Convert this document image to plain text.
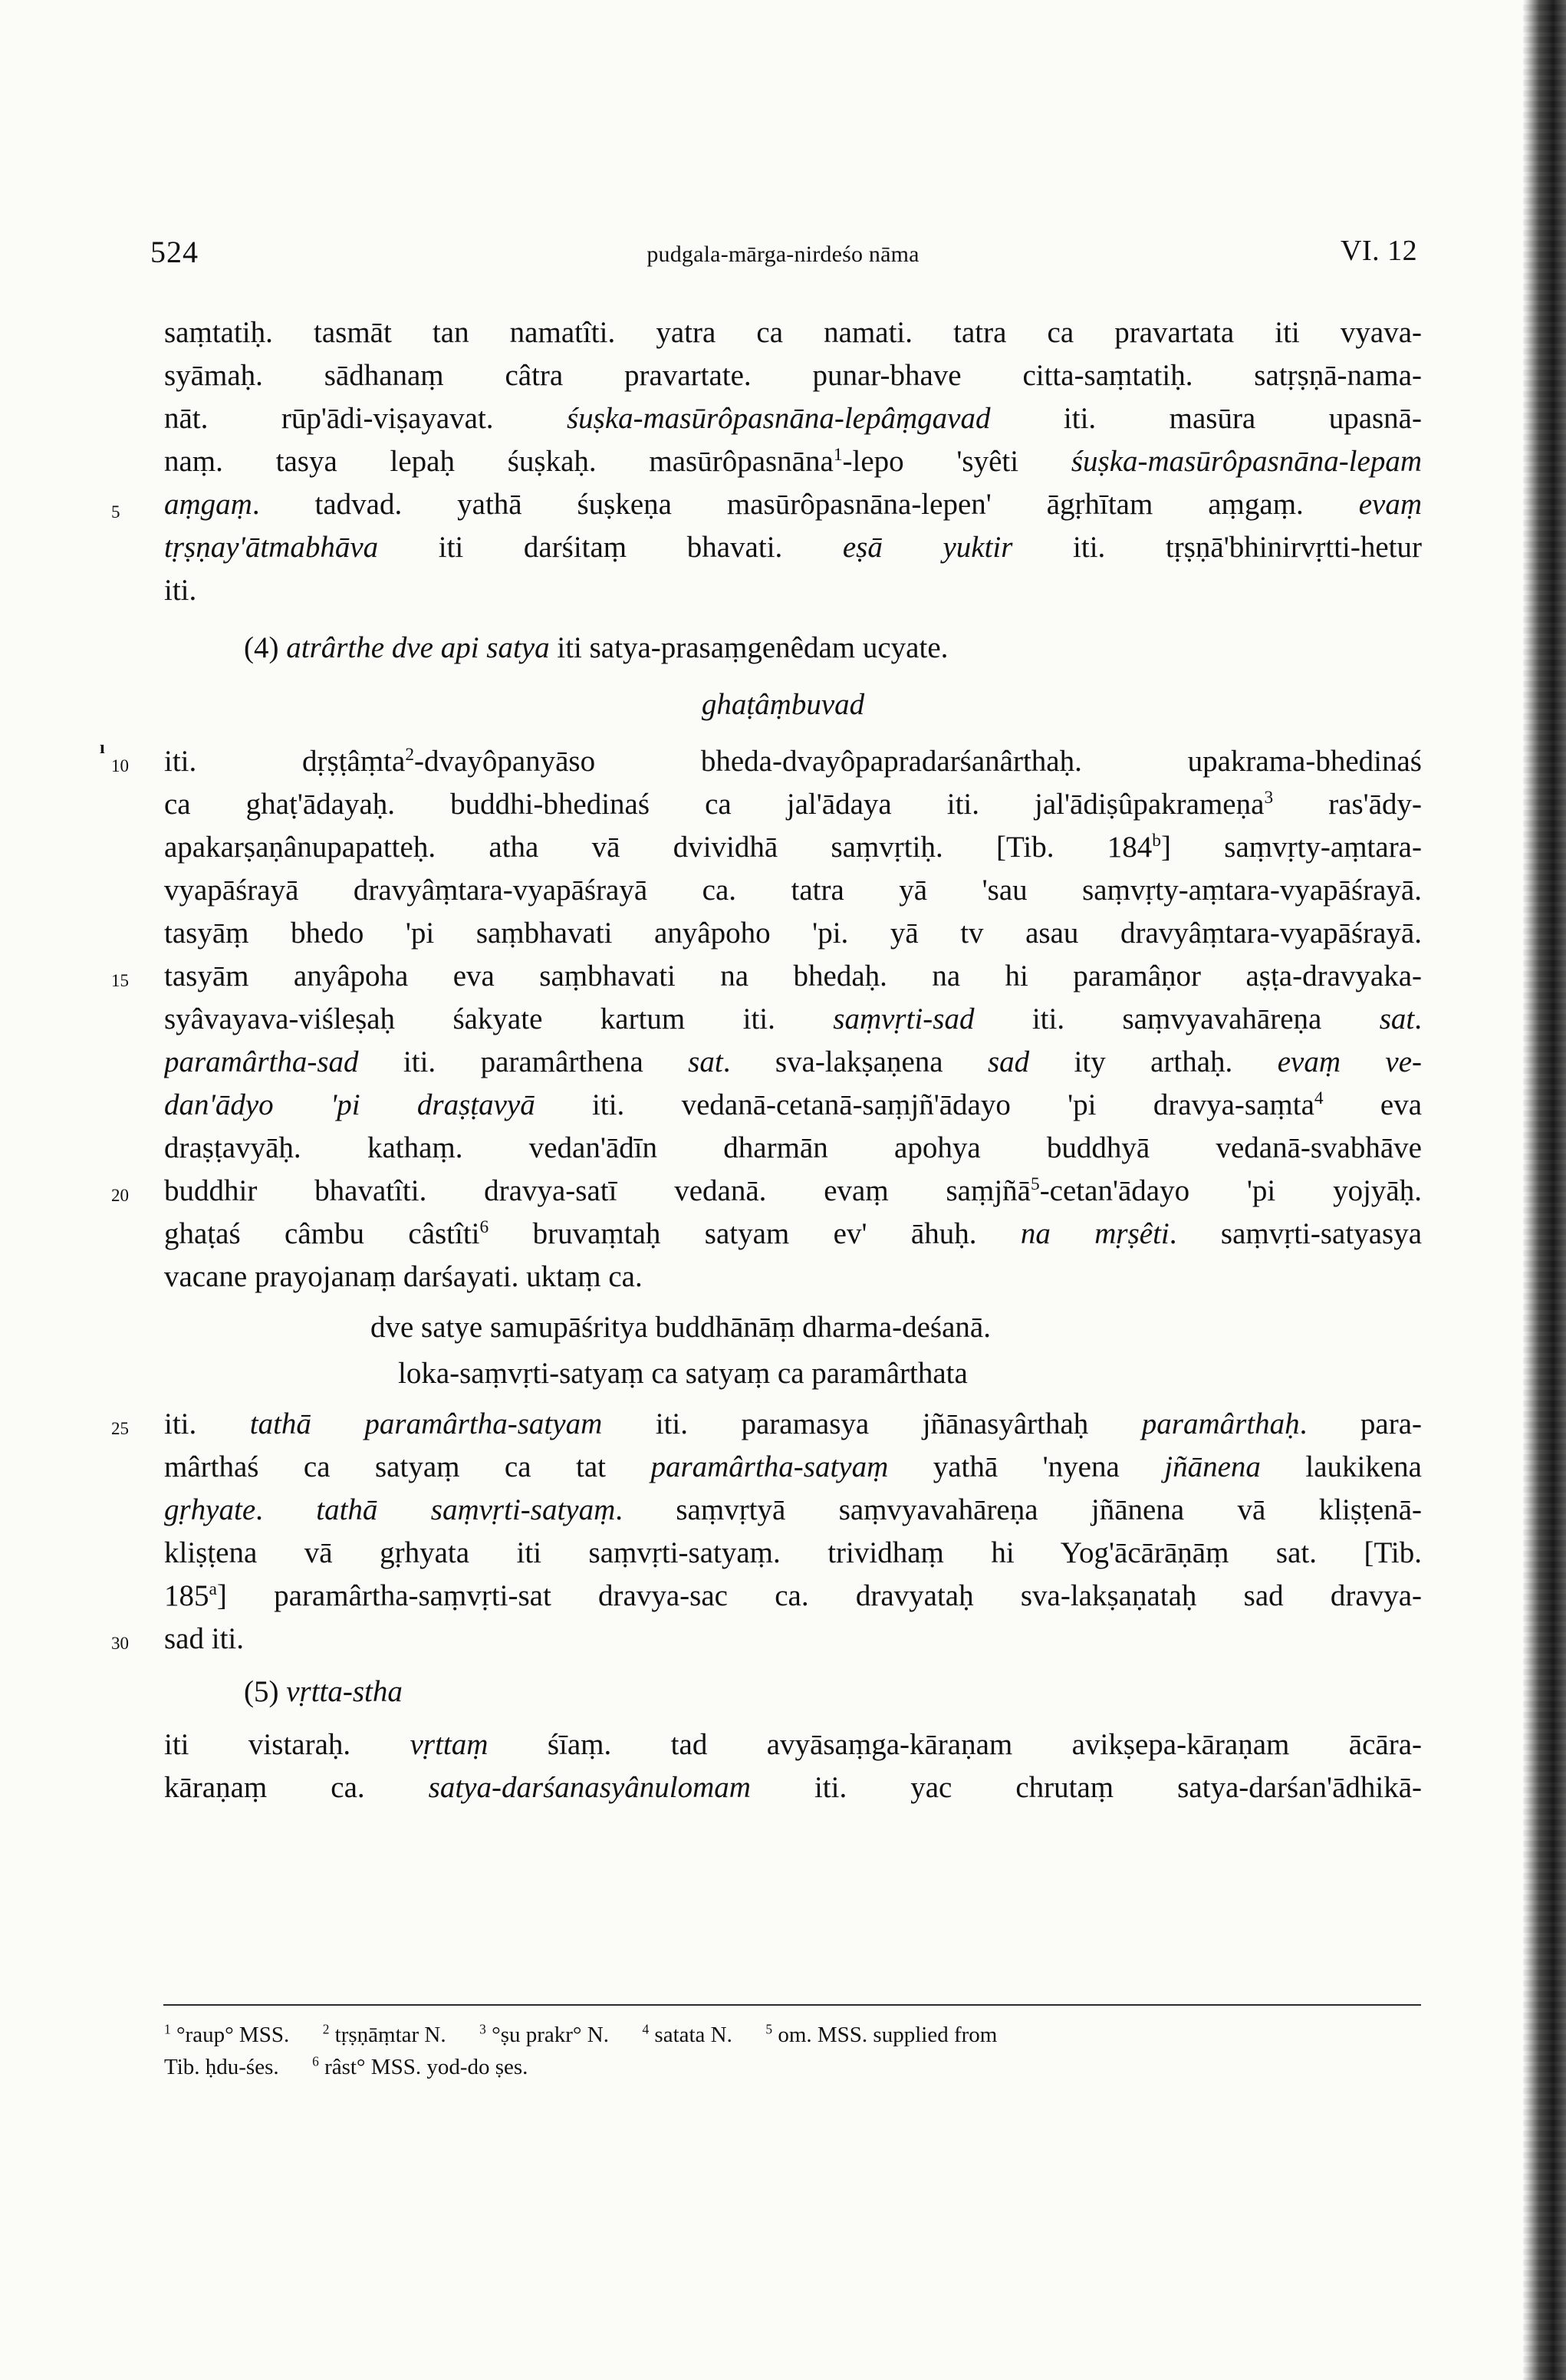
524	pudgala-mārga-nirdeśo nāma	VI. 12
saṃtatiḥ. tasmāt tan namatîti. yatra ca namati. tatra ca pravartata iti vyava-
syāmaḥ. sādhanaṃ câtra pravartate. punar-bhave citta-saṃtatiḥ. satṛṣṇā-nama-
nāt. rūp'ādi-viṣayavat. śuṣka-masūrôpasnāna-lepâṃgavad iti. masūra upasnā-
naṃ. tasya lepaḥ śuṣkaḥ. masūrôpasnāna$^1$-lepo 'syêti śuṣka-masūrôpasnāna-lepam
aṃgaṃ. tadvad. yathā śuṣkeṇa masūrôpasnāna-lepen' āgṛhītam aṃgaṃ. evaṃ
tṛṣṇay'ātmabhāva iti darśitaṃ bhavati. eṣā yuktir iti. tṛṣṇā'bhinirvṛtti-hetur
iti.
(4) atrârthe dve api satya iti satya-prasaṃgenêdam ucyate.
ghaṭâṃbuvad
iti. dṛṣṭâṃta$^2$-dvayôpanyāso bheda-dvayôpapradarśanârthaḥ. upakrama-bhedinaś
ca ghaṭ'ādayaḥ. buddhi-bhedinaś ca jal'ādaya iti. jal'ādiṣûpakrameṇa$^3$ ras'ādy-
apakarṣaṇânupapatteḥ. atha vā dvividhā saṃvṛtiḥ. [Tib. 184$^b$] saṃvṛty-aṃtara-
vyapāśrayā dravyâṃtara-vyapāśrayā ca. tatra yā 'sau saṃvṛty-aṃtara-vyapāśrayā.
tasyāṃ bhedo 'pi saṃbhavati anyâpoho 'pi. yā tv asau dravyâṃtara-vyapāśrayā.
tasyām anyâpoha eva saṃbhavati na bhedaḥ. na hi paramâṇor aṣṭa-dravyaka-
syâvayava-viśleṣaḥ śakyate kartum iti. saṃvṛti-sad iti. saṃvyavahāreṇa sat.
paramârtha-sad iti. paramârthena sat. sva-lakṣaṇena sad ity arthaḥ. evaṃ ve-
dan'ādyo 'pi draṣṭavyā iti. vedanā-cetanā-saṃjñ'ādayo 'pi dravya-saṃta$^4$ eva
draṣṭavyāḥ. kathaṃ. vedan'ādīn dharmān apohya buddhyā vedanā-svabhāve
buddhir bhavatîti. dravya-satī vedanā. evaṃ saṃjñā$^5$-cetan'ādayo 'pi yojyāḥ.
ghaṭaś câmbu câstîti$^6$ bruvaṃtaḥ satyam ev' āhuḥ. na mṛṣêti. saṃvṛti-satyasya
vacane prayojanaṃ darśayati. uktaṃ ca.
dve satye samupāśritya buddhānāṃ dharma-deśanā.
loka-saṃvṛti-satyaṃ ca satyaṃ ca paramârthata
iti. tathā paramârtha-satyam iti. paramasya jñānasyârthaḥ paramârthaḥ. para-
mârthaś ca satyaṃ ca tat paramârtha-satyaṃ yathā 'nyena jñānena laukikena
gṛhyate. tathā saṃvṛti-satyaṃ. saṃvṛtyā saṃvyavahāreṇa jñānena vā kliṣṭenā-
kliṣṭena vā gṛhyata iti saṃvṛti-satyaṃ. trividhaṃ hi Yog'ācārāṇāṃ sat. [Tib.
185$^a$] paramârtha-saṃvṛti-sat dravya-sac ca. dravyataḥ sva-lakṣaṇataḥ sad dravya-
sad iti.
(5) vṛtta-stha
iti vistaraḥ. vṛttaṃ śīaṃ. tad avyāsaṃga-kāraṇam avikṣepa-kāraṇam ācāra-
kāraṇaṃ ca. satya-darśanasyânulomam iti. yac chrutaṃ satya-darśan'ādhikā-
5
10
15
20
25
30
ı
$^1$ °raup° MSS.      $^2$ tṛṣṇāṃtar N.      $^3$ °ṣu prakr° N.      $^4$ satata N.      $^5$ om. MSS. supplied from
Tib. ḥdu-śes.      $^6$ râst° MSS. yod-do ṣes.
